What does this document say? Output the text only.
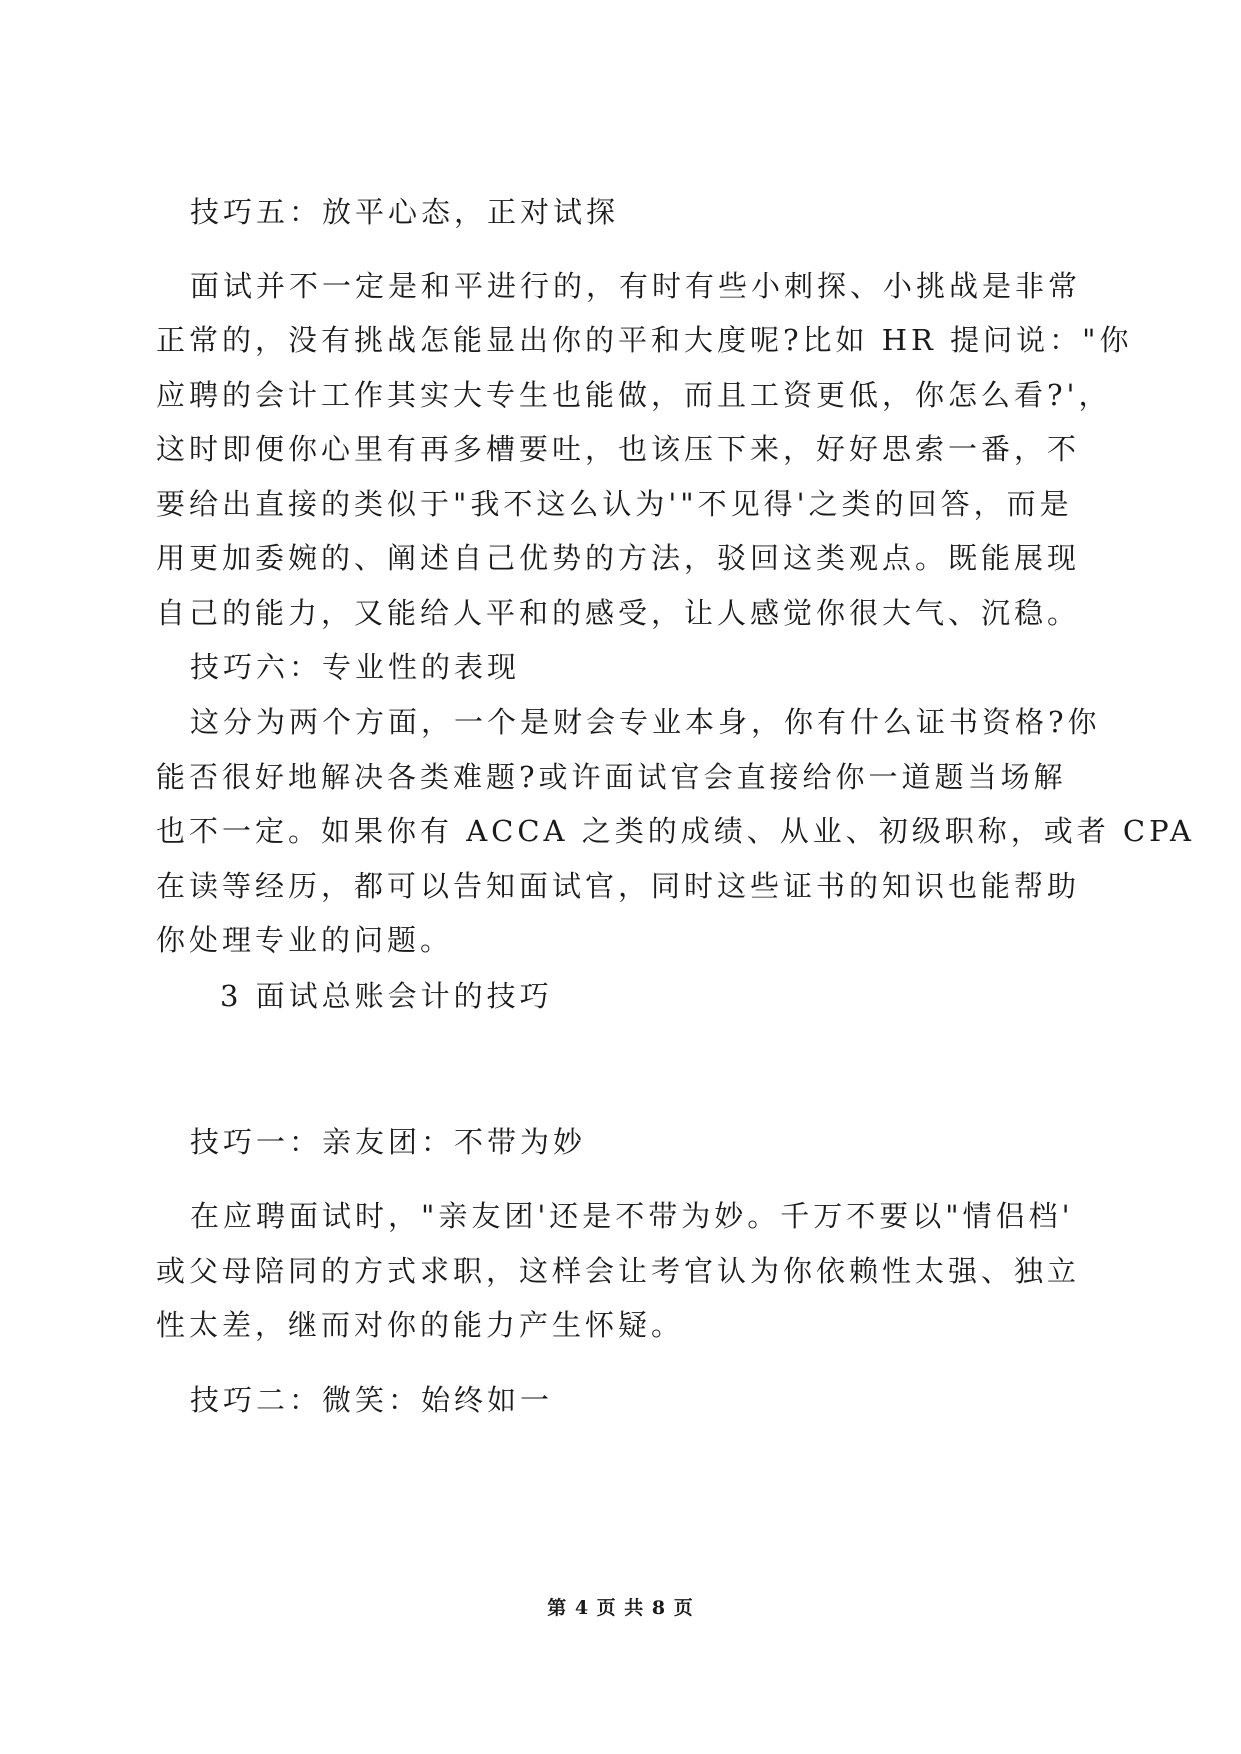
技巧五：放平心态，正对试探
面试并不一定是和平进行的，有时有些小刺探、小挑战是非常
正常的，没有挑战怎能显出你的平和大度呢?比如 HR 提问说："你
应聘的会计工作其实大专生也能做，而且工资更低，你怎么看?'，
这时即便你心里有再多槽要吐，也该压下来，好好思索一番，不
要给出直接的类似于"我不这么认为'"不见得'之类的回答，而是
用更加委婉的、阐述自己优势的方法，驳回这类观点。既能展现
自己的能力，又能给人平和的感受，让人感觉你很大气、沉稳。
技巧六：专业性的表现
这分为两个方面，一个是财会专业本身，你有什么证书资格?你
能否很好地解决各类难题?或许面试官会直接给你一道题当场解
也不一定。如果你有 ACCA 之类的成绩、从业、初级职称，或者 CPA
在读等经历，都可以告知面试官，同时这些证书的知识也能帮助
你处理专业的问题。
3 面试总账会计的技巧
技巧一：亲友团：不带为妙
在应聘面试时，"亲友团'还是不带为妙。千万不要以"情侣档'
或父母陪同的方式求职，这样会让考官认为你依赖性太强、独立
性太差，继而对你的能力产生怀疑。
技巧二：微笑：始终如一
第 4 页 共 8 页
